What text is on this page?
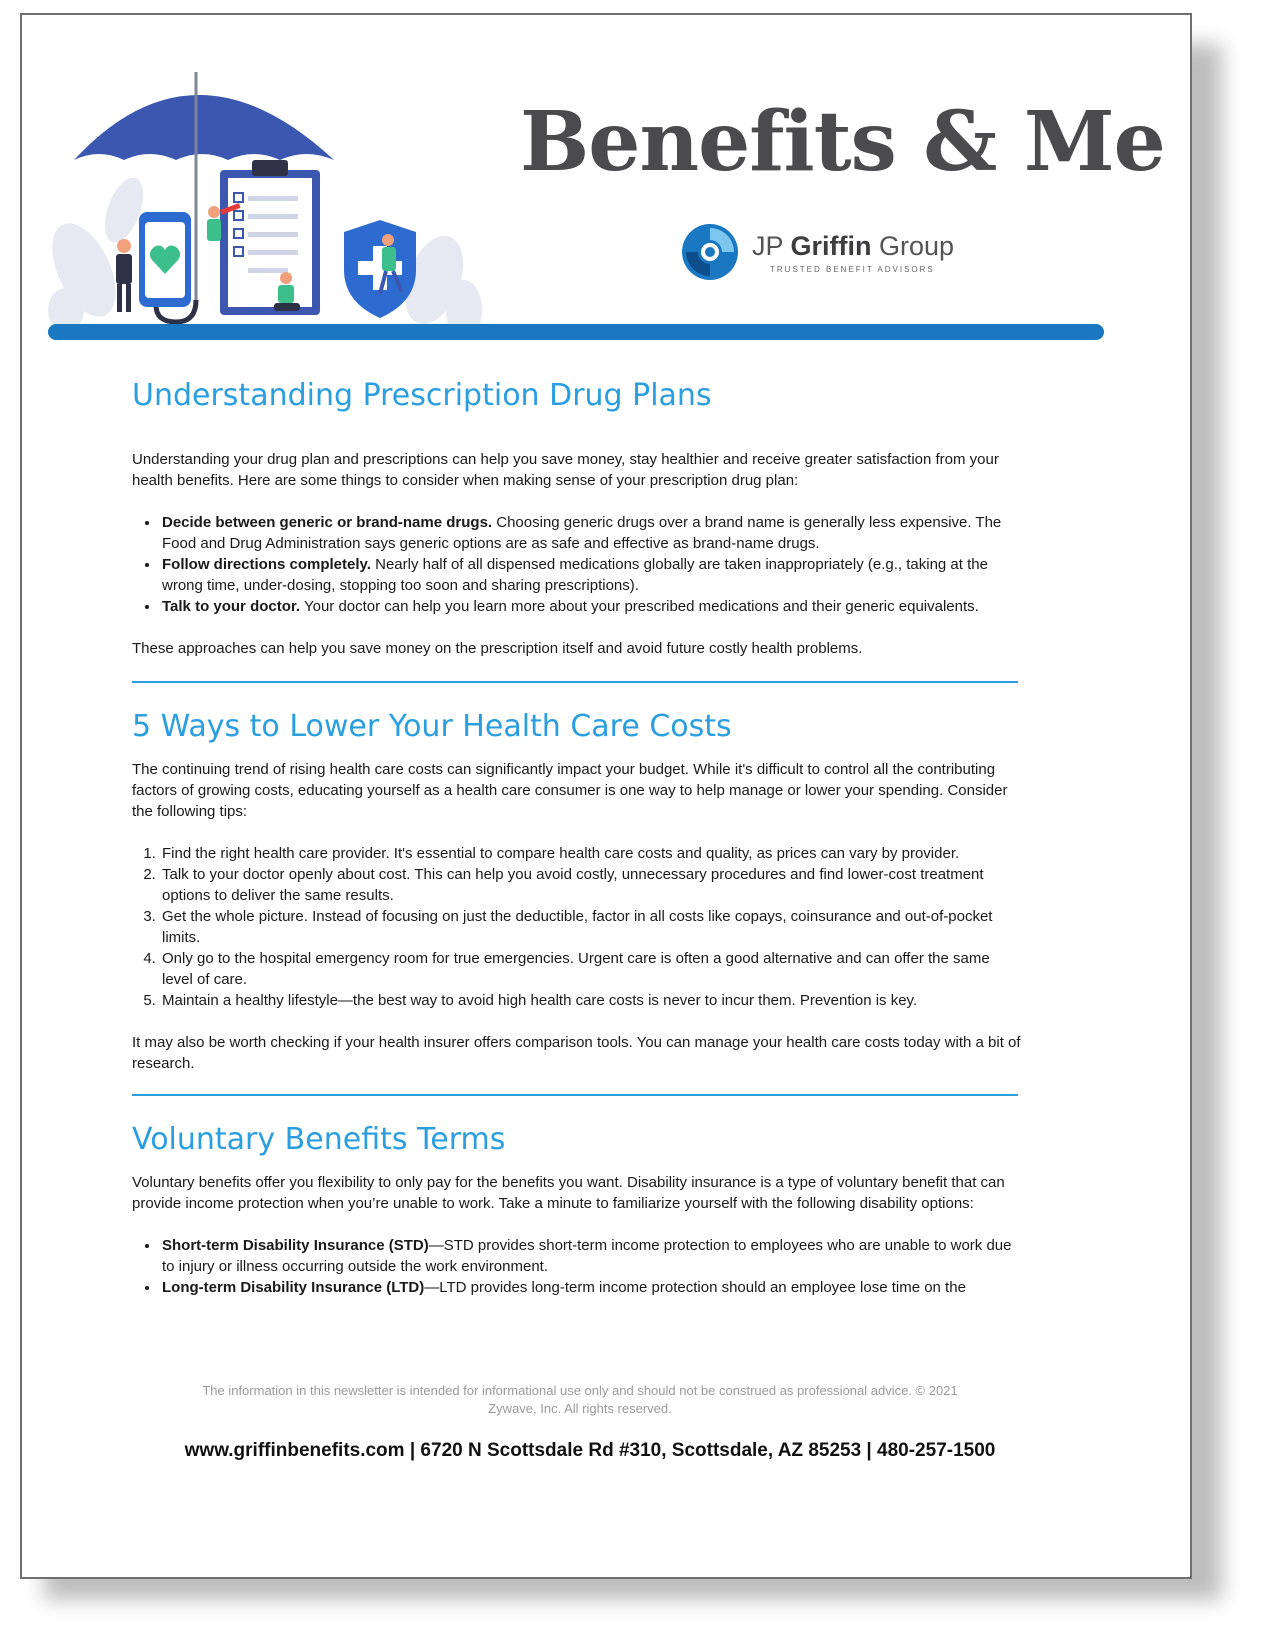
Benefits & Me
JP Griffin Group
TRUSTED BENEFIT ADVISORS
Understanding Prescription Drug Plans

Understanding your drug plan and prescriptions can help you save money, stay healthier and receive greater satisfaction from your health benefits. Here are some things to consider when making sense of your prescription drug plan:

• Decide between generic or brand-name drugs. Choosing generic drugs over a brand name is generally less expensive. The Food and Drug Administration says generic options are as safe and effective as brand-name drugs.
• Follow directions completely. Nearly half of all dispensed medications globally are taken inappropriately (e.g., taking at the wrong time, under-dosing, stopping too soon and sharing prescriptions).
• Talk to your doctor. Your doctor can help you learn more about your prescribed medications and their generic equivalents.

These approaches can help you save money on the prescription itself and avoid future costly health problems.

5 Ways to Lower Your Health Care Costs

The continuing trend of rising health care costs can significantly impact your budget. While it's difficult to control all the contributing factors of growing costs, educating yourself as a health care consumer is one way to help manage or lower your spending. Consider the following tips:

1. Find the right health care provider. It's essential to compare health care costs and quality, as prices can vary by provider.
2. Talk to your doctor openly about cost. This can help you avoid costly, unnecessary procedures and find lower-cost treatment options to deliver the same results.
3. Get the whole picture. Instead of focusing on just the deductible, factor in all costs like copays, coinsurance and out-of-pocket limits.
4. Only go to the hospital emergency room for true emergencies. Urgent care is often a good alternative and can offer the same level of care.
5. Maintain a healthy lifestyle—the best way to avoid high health care costs is never to incur them. Prevention is key.

It may also be worth checking if your health insurer offers comparison tools. You can manage your health care costs today with a bit of research.

Voluntary Benefits Terms

Voluntary benefits offer you flexibility to only pay for the benefits you want. Disability insurance is a type of voluntary benefit that can provide income protection when you’re unable to work. Take a minute to familiarize yourself with the following disability options:

• Short-term Disability Insurance (STD)—STD provides short-term income protection to employees who are unable to work due to injury or illness occurring outside the work environment.
• Long-term Disability Insurance (LTD)—LTD provides long-term income protection should an employee lose time on the
The information in this newsletter is intended for informational use only and should not be construed as professional advice. © 2021 Zywave, Inc. All rights reserved.
www.griffinbenefits.com | 6720 N Scottsdale Rd #310, Scottsdale, AZ 85253 | 480-257-1500
